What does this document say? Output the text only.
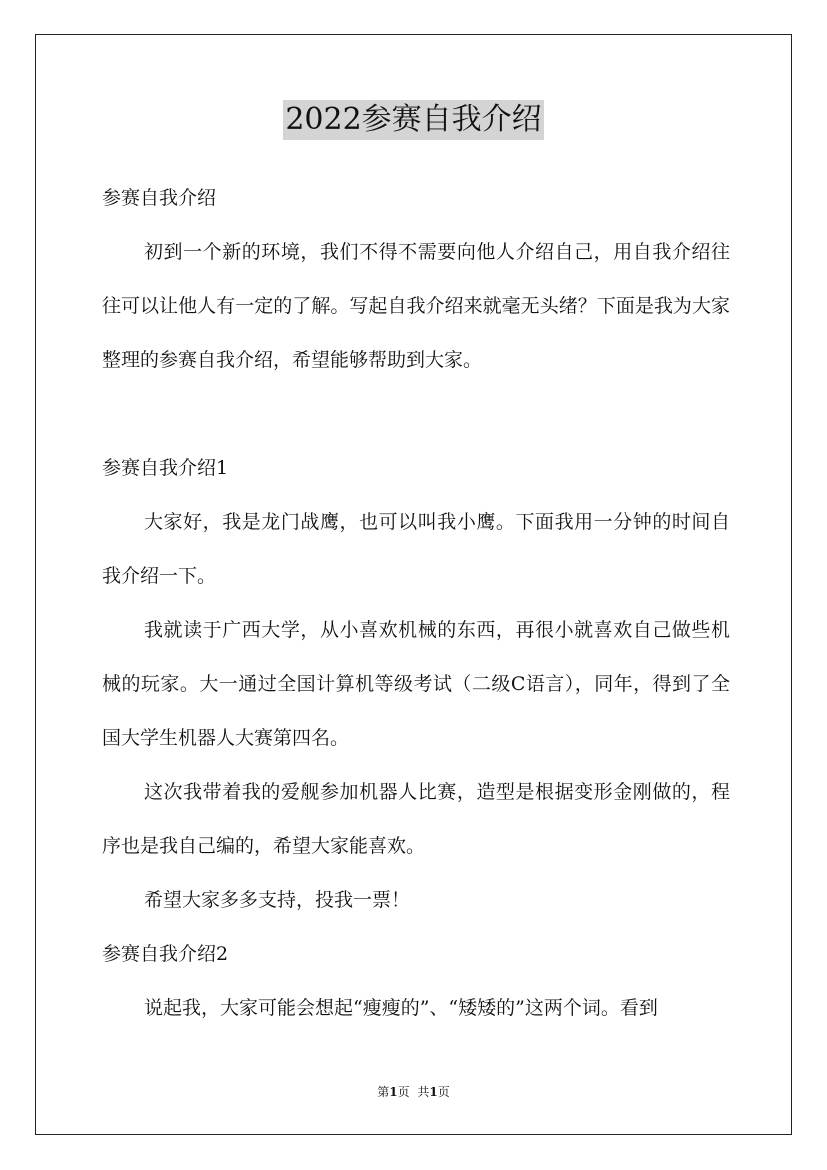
2022参赛自我介绍

参赛自我介绍

初到一个新的环境，我们不得不需要向他人介绍自己，用自我介绍往往可以让他人有一定的了解。写起自我介绍来就毫无头绪？下面是我为大家整理的参赛自我介绍，希望能够帮助到大家。

参赛自我介绍1

大家好，我是龙门战鹰，也可以叫我小鹰。下面我用一分钟的时间自我介绍一下。

我就读于广西大学，从小喜欢机械的东西，再很小就喜欢自己做些机械的玩家。大一通过全国计算机等级考试（二级C语言），同年，得到了全国大学生机器人大赛第四名。

这次我带着我的爱舰参加机器人比赛，造型是根据变形金刚做的，程序也是我自己编的，希望大家能喜欢。

希望大家多多支持，投我一票！

参赛自我介绍2

说起我，大家可能会想起“瘦瘦的”、“矮矮的”这两个词。看到

第1页 共1页
